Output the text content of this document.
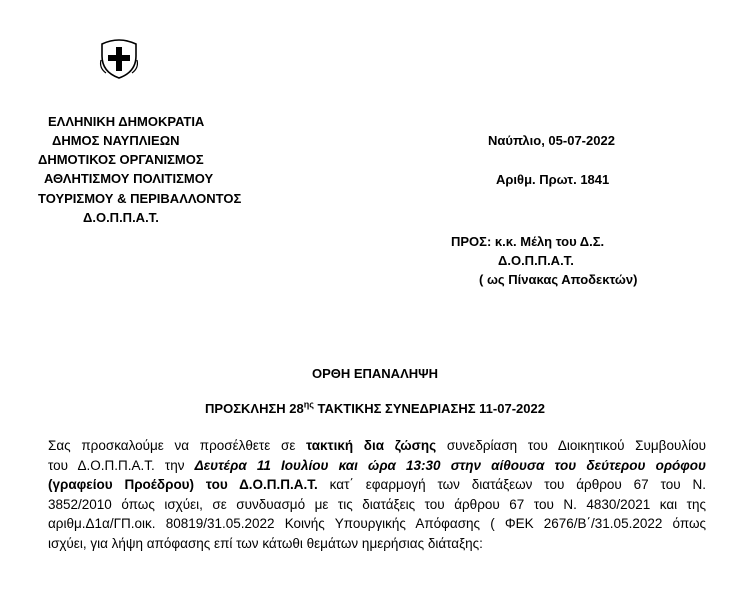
ΕΛΛΗΝΙΚΗ ΔΗΜΟΚΡΑΤΙΑ
ΔΗΜΟΣ ΝΑΥΠΛΙΕΩΝ
ΔΗΜΟΤΙΚΟΣ ΟΡΓΑΝΙΣΜΟΣ
ΑΘΛΗΤΙΣΜΟΥ ΠΟΛΙΤΙΣΜΟΥ
ΤΟΥΡΙΣΜΟΥ & ΠΕΡΙΒΑΛΛΟΝΤΟΣ
Δ.Ο.Π.Π.Α.Τ.
Ναύπλιο, 05-07-2022
Αριθμ. Πρωτ. 1841
ΠΡΟΣ: κ.κ. Μέλη του Δ.Σ.
Δ.Ο.Π.Π.Α.Τ.
( ως Πίνακας Αποδεκτών)
ΟΡΘΗ ΕΠΑΝΑΛΗΨΗ
ΠΡΟΣΚΛΗΣΗ $28^{\eta\varsigma}$ ΤΑΚΤΙΚΗΣ ΣΥΝΕΔΡΙΑΣΗΣ 11-07-2022
Σας προσκαλούμε να προσέλθετε σε τακτική δια ζώσης συνεδρίαση του Διοικητικού Συμβουλίου
του Δ.Ο.Π.Π.Α.Τ. την Δευτέρα 11 Ιουλίου και ώρα 13:30 στην αίθουσα του δεύτερου ορόφου
(γραφείου Προέδρου) του Δ.Ο.Π.Π.Α.Τ. κατ΄ εφαρμογή των διατάξεων του άρθρου 67 του Ν.
3852/2010 όπως ισχύει, σε συνδυασμό με τις διατάξεις του άρθρου 67 του Ν. 4830/2021 και της
αριθμ.Δ1α/ΓΠ.οικ. 80819/31.05.2022 Κοινής Υπουργικής Απόφασης ( ΦΕΚ 2676/Β΄/31.05.2022 όπως
ισχύει, για λήψη απόφασης επί των κάτωθι θεμάτων ημερήσιας διάταξης:
